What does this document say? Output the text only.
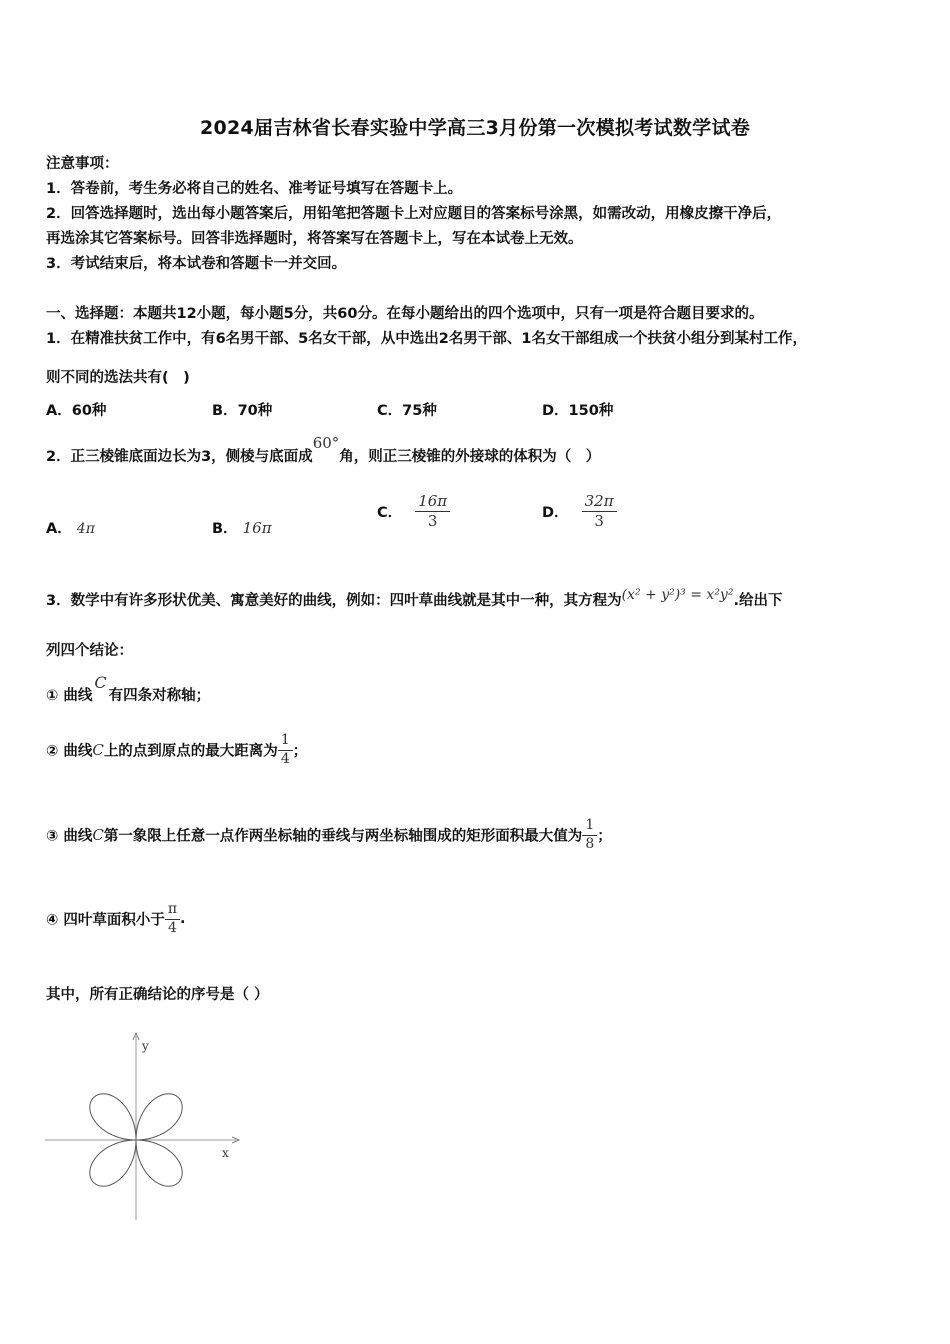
2024届吉林省长春实验中学高三3月份第一次模拟考试数学试卷
注意事项：
1．答卷前，考生务必将自己的姓名、准考证号填写在答题卡上。
2．回答选择题时，选出每小题答案后，用铅笔把答题卡上对应题目的答案标号涂黑，如需改动，用橡皮擦干净后，
再选涂其它答案标号。回答非选择题时，将答案写在答题卡上，写在本试卷上无效。
3．考试结束后，将本试卷和答题卡一并交回。
一、选择题：本题共12小题，每小题5分，共60分。在每小题给出的四个选项中，只有一项是符合题目要求的。
1．在精准扶贫工作中，有6名男干部、5名女干部，从中选出2名男干部、1名女干部组成一个扶贫小组分到某村工作，
则不同的选法共有(　)
A．60种	B．70种	C．75种	D．150种
2．正三棱锥底面边长为3，侧棱与底面成60°角，则正三棱锥的外接球的体积为（　）
A． 4π	B． 16π
C． $\frac{16\pi}{3}$	D． $\frac{32\pi}{3}$
3．数学中有许多形状优美、寓意美好的曲线，例如：四叶草曲线就是其中一种，其方程为(x² + y²)³ = x²y².给出下
列四个结论：
① 曲线C有四条对称轴；
② 曲线C上的点到原点的最大距离为 $\frac{1}{4}$ ；
③ 曲线C第一象限上任意一点作两坐标轴的垂线与两坐标轴围成的矩形面积最大值为 $\frac{1}{8}$ ；
④ 四叶草面积小于 $\frac{\pi}{4}$ .
其中，所有正确结论的序号是（ ）
y
x
